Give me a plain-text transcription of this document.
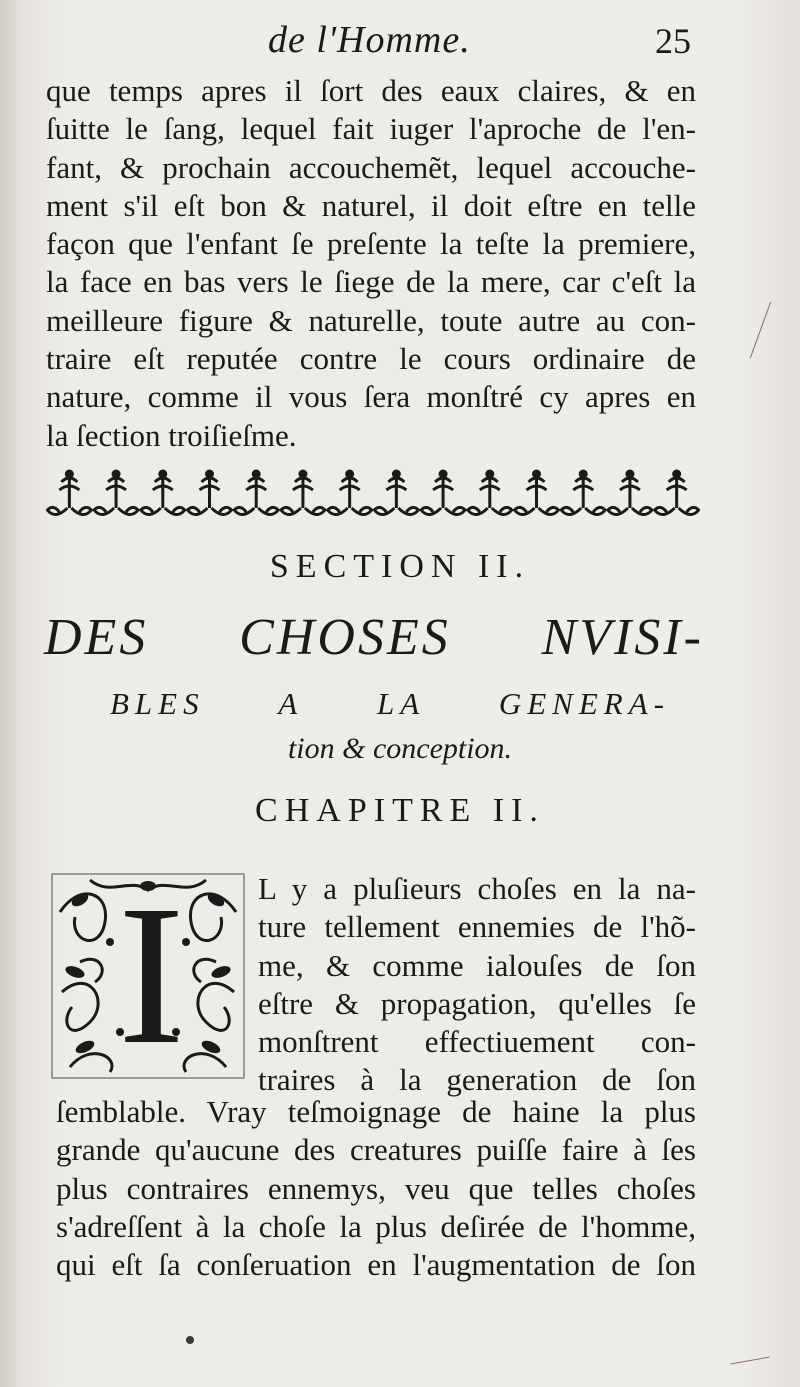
de l'Homme.	25
que temps apres il ſort des eaux claires, & en
ſuitte le ſang, lequel fait iuger l'aproche de l'en-
fant, & prochain accouchemẽt, lequel accouche-
ment s'il eſt bon & naturel, il doit eſtre en telle
façon que l'enfant ſe preſente la teſte la premiere,
la face en bas vers le ſiege de la mere, car c'eſt la
meilleure figure & naturelle, toute autre au con-
traire eſt reputée contre le cours ordinaire de
nature, comme il vous ſera monſtré cy apres en
la ſection troiſieſme.
SECTION II.
DES CHOSES NVISI-
BLES A LA GENERA-
tion & conception.
CHAPITRE II.
I L y a pluſieurs choſes en la na-
ture tellement ennemies de l'hõ-
me, & comme ialouſes de ſon
eſtre & propagation, qu'elles ſe
monſtrent effectiuement con-
traires à la generation de ſon
ſemblable. Vray teſmoignage de haine la plus
grande qu'aucune des creatures puiſſe faire à ſes
plus contraires ennemys, veu que telles choſes
s'adreſſent à la choſe la plus deſirée de l'homme,
qui eſt ſa conſeruation en l'augmentation de ſon
